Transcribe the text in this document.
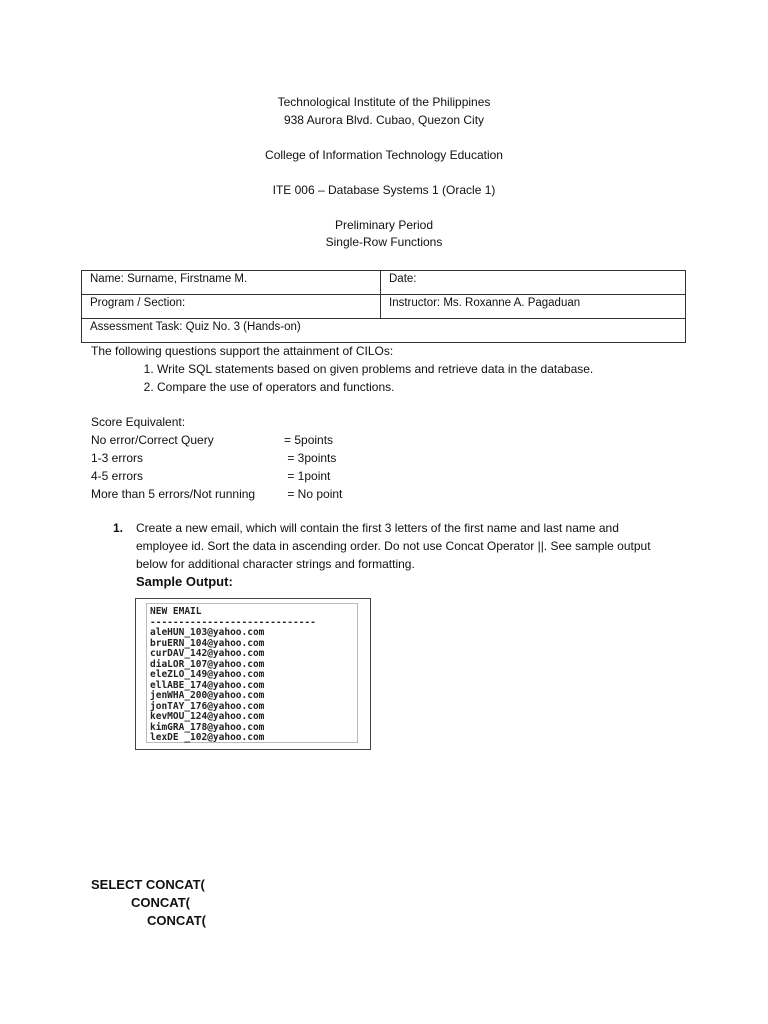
Technological Institute of the Philippines

938 Aurora Blvd. Cubao, Quezon City

College of Information Technology Education

ITE 006 – Database Systems 1 (Oracle 1)

Preliminary Period

Single-Row Functions

Name: Surname, Firstname M.	Date:
Program / Section:	Instructor: Ms. Roxanne A. Pagaduan
Assessment Task: Quiz No. 3 (Hands-on)	

The following questions support the attainment of CILOs:

1. Write SQL statements based on given problems and retrieve data in the database.
2. Compare the use of operators and functions.

Score Equivalent:

No error/Correct Query	= 5points
1-3 errors	= 3points
4-5 errors	= 1point
More than 5 errors/Not running	= No point
1. Create a new email, which will contain the first 3 letters of the first name and last name and employee id. Sort the data in ascending order. Do not use Concat Operator ||. See sample output below for additional character strings and formatting.
Sample Output:
NEW EMAIL
-----------------------------
aleHUN_103@yahoo.com
bruERN_104@yahoo.com
curDAV_142@yahoo.com
diaLOR_107@yahoo.com
eleZLO_149@yahoo.com
ellABE_174@yahoo.com
jenWHA_200@yahoo.com
jonTAY_176@yahoo.com
kevMOU_124@yahoo.com
kimGRA_178@yahoo.com
lexDE _102@yahoo.com
SELECT CONCAT(
CONCAT(
CONCAT(
